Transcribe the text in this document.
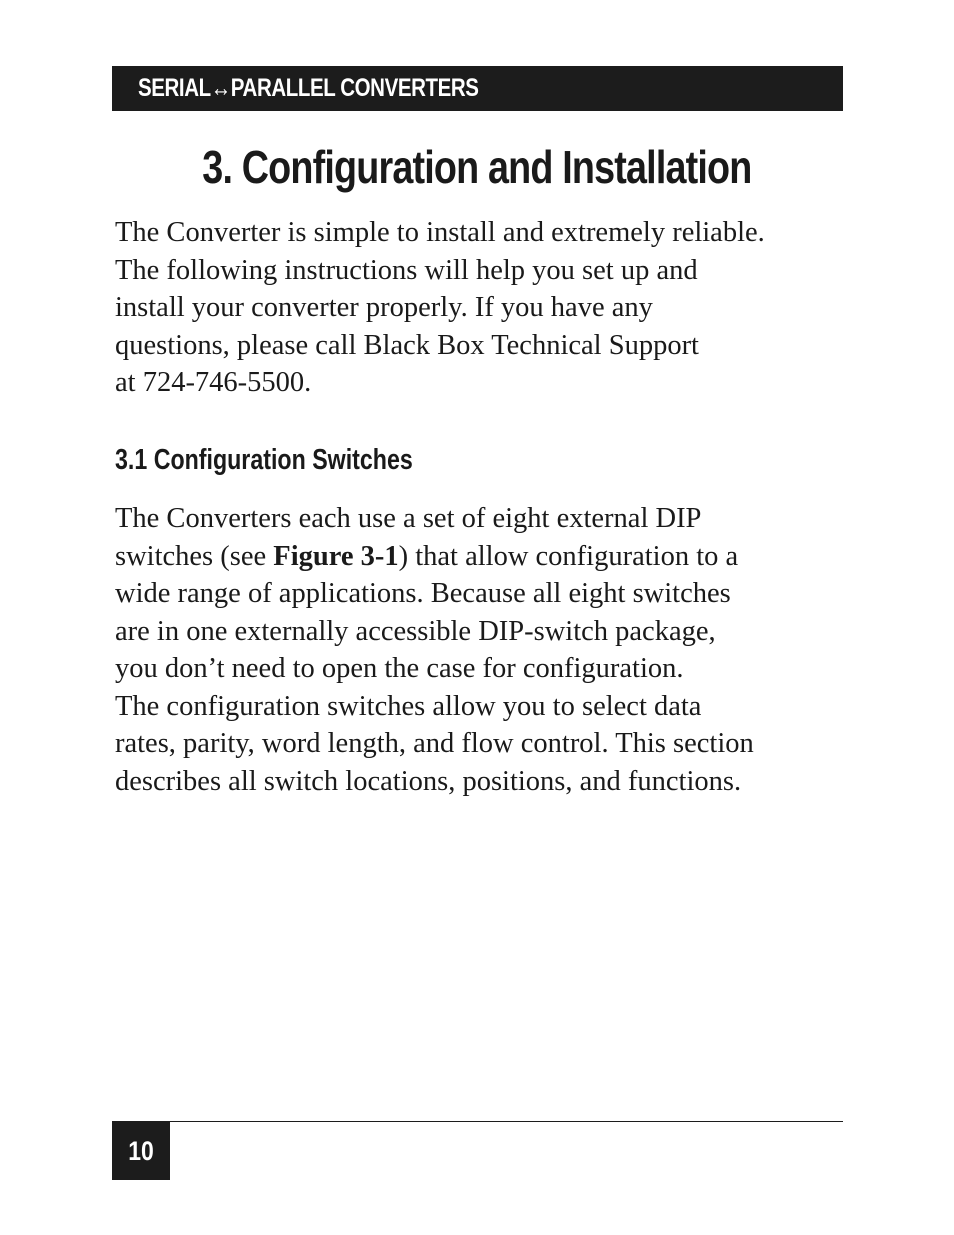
SERIAL↔PARALLEL CONVERTERS
3. Configuration and Installation

The Converter is simple to install and extremely reliable.
The following instructions will help you set up and
install your converter properly. If you have any
questions, please call Black Box Technical Support
at 724-746-5500.

3.1 Configuration Switches

The Converters each use a set of eight external DIP
switches (see Figure 3-1) that allow configuration to a
wide range of applications. Because all eight switches
are in one externally accessible DIP-switch package,
you don’t need to open the case for configuration.
The configuration switches allow you to select data
rates, parity, word length, and flow control. This section
describes all switch locations, positions, and functions.

10
